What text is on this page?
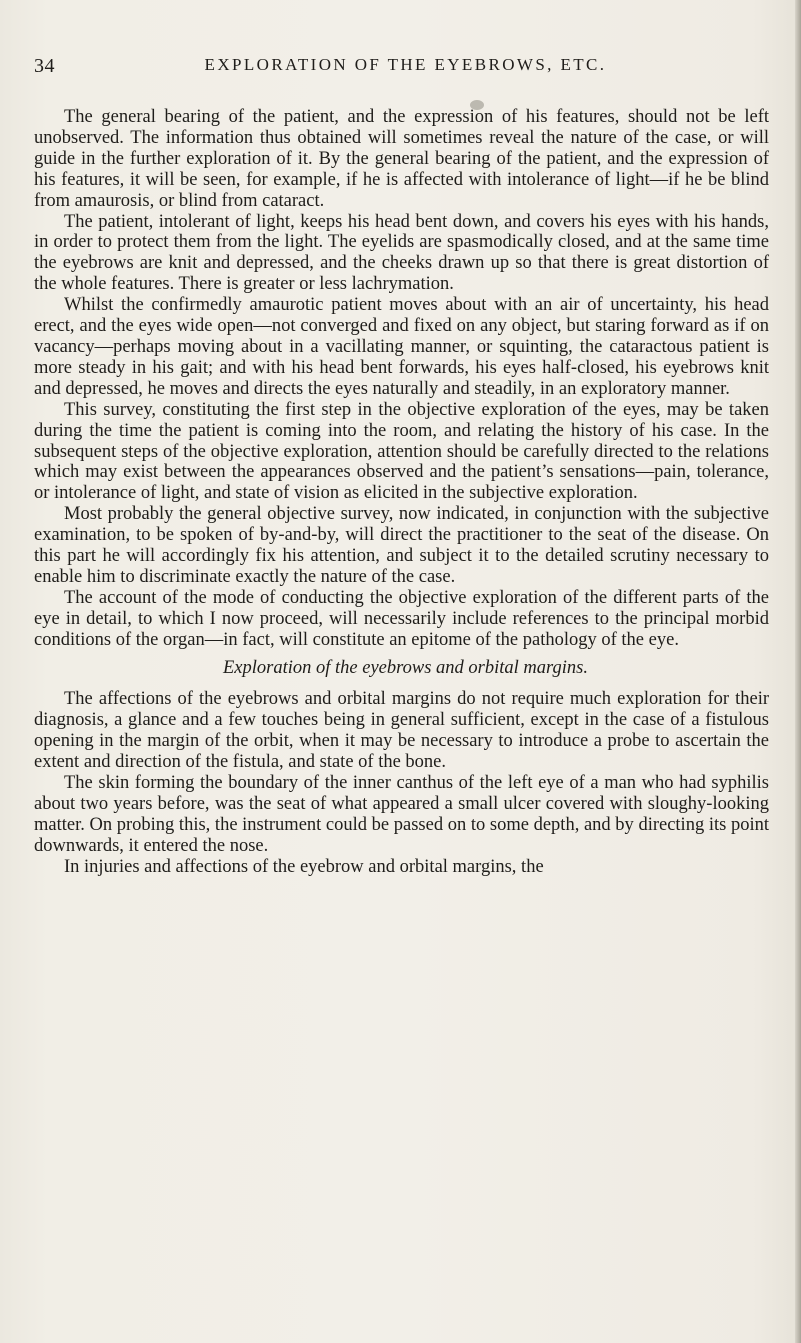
34	EXPLORATION OF THE EYEBROWS, ETC.

The general bearing of the patient, and the expression of his features, should not be left unobserved. The information thus obtained will sometimes reveal the nature of the case, or will guide in the further exploration of it. By the general bearing of the patient, and the expression of his features, it will be seen, for example, if he is affected with intolerance of light—if he be blind from amaurosis, or blind from cataract.

The patient, intolerant of light, keeps his head bent down, and covers his eyes with his hands, in order to protect them from the light. The eyelids are spasmodically closed, and at the same time the eyebrows are knit and depressed, and the cheeks drawn up so that there is great distortion of the whole features. There is greater or less lachrymation.

Whilst the confirmedly amaurotic patient moves about with an air of uncertainty, his head erect, and the eyes wide open—not converged and fixed on any object, but staring forward as if on vacancy—perhaps moving about in a vacillating manner, or squinting, the cataractous patient is more steady in his gait; and with his head bent forwards, his eyes half-closed, his eyebrows knit and depressed, he moves and directs the eyes naturally and steadily, in an exploratory manner.

This survey, constituting the first step in the objective exploration of the eyes, may be taken during the time the patient is coming into the room, and relating the history of his case. In the subsequent steps of the objective exploration, attention should be carefully directed to the relations which may exist between the appearances observed and the patient’s sensations—pain, tolerance, or intolerance of light, and state of vision as elicited in the subjective exploration.

Most probably the general objective survey, now indicated, in conjunction with the subjective examination, to be spoken of by-and-by, will direct the practitioner to the seat of the disease. On this part he will accordingly fix his attention, and subject it to the detailed scrutiny necessary to enable him to discriminate exactly the nature of the case.

The account of the mode of conducting the objective exploration of the different parts of the eye in detail, to which I now proceed, will necessarily include references to the principal morbid conditions of the organ—in fact, will constitute an epitome of the pathology of the eye.

Exploration of the eyebrows and orbital margins.

The affections of the eyebrows and orbital margins do not require much exploration for their diagnosis, a glance and a few touches being in general sufficient, except in the case of a fistulous opening in the margin of the orbit, when it may be necessary to introduce a probe to ascertain the extent and direction of the fistula, and state of the bone.

The skin forming the boundary of the inner canthus of the left eye of a man who had syphilis about two years before, was the seat of what appeared a small ulcer covered with sloughy-looking matter. On probing this, the instrument could be passed on to some depth, and by directing its point downwards, it entered the nose.

In injuries and affections of the eyebrow and orbital margins, the
